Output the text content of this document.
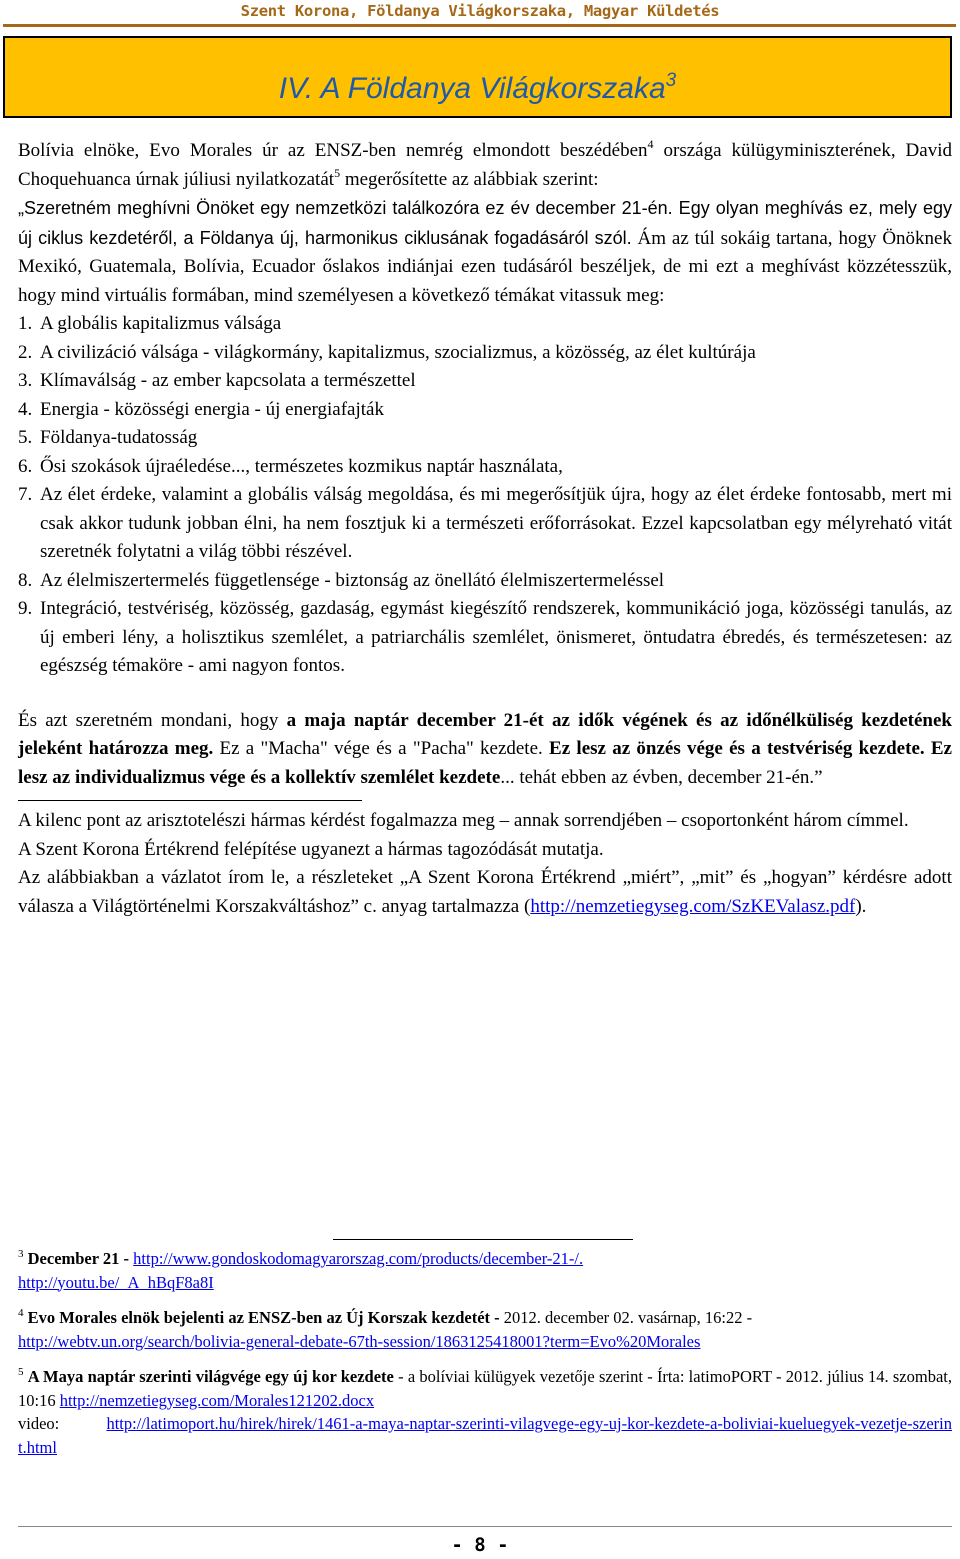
Szent Korona, Földanya Világkorszaka, Magyar Küldetés
IV. A Földanya Világkorszaka$^3$

Bolívia elnöke, Evo Morales úr az ENSZ-ben nemrég elmondott beszédében$^4$ országa külügyminiszterének, David Choquehuanca úrnak júliusi nyilatkozatát$^5$ megerősítette az alábbiak szerint:

„Szeretném meghívni Önöket egy nemzetközi találkozóra ez év december 21-én. Egy olyan meghívás ez, mely egy új ciklus kezdetéről, a Földanya új, harmonikus ciklusának fogadásáról szól. Ám az túl sokáig tartana, hogy Önöknek Mexikó, Guatemala, Bolívia, Ecuador őslakos indiánjai ezen tudásáról beszéljek, de mi ezt a meghívást közzétesszük, hogy mind virtuális formában, mind személyesen a következő témákat vitassuk meg:

1. A globális kapitalizmus válsága
2. A civilizáció válsága - világkormány, kapitalizmus, szocializmus, a közösség, az élet kultúrája
3. Klímaválság - az ember kapcsolata a természettel
4. Energia - közösségi energia - új energiafajták
5. Földanya-tudatosság
6. Ősi szokások újraéledése..., természetes kozmikus naptár használata,
7. Az élet érdeke, valamint a globális válság megoldása, és mi megerősítjük újra, hogy az élet érdeke fontosabb, mert mi csak akkor tudunk jobban élni, ha nem fosztjuk ki a természeti erőforrásokat. Ezzel kapcsolatban egy mélyreható vitát szeretnék folytatni a világ többi részével.
8. Az élelmiszertermelés függetlensége - biztonság az önellátó élelmiszertermeléssel
9. Integráció, testvériség, közösség, gazdaság, egymást kiegészítő rendszerek, kommunikáció joga, közösségi tanulás, az új emberi lény, a holisztikus szemlélet, a patriarchális szemlélet, önismeret, öntudatra ébredés, és természetesen: az egészség témaköre - ami nagyon fontos.

És azt szeretném mondani, hogy a maja naptár december 21-ét az idők végének és az időnélküliség kezdetének jeleként határozza meg. Ez a "Macha" vége és a "Pacha" kezdete. Ez lesz az önzés vége és a testvériség kezdete. Ez lesz az individualizmus vége és a kollektív szemlélet kezdete... tehát ebben az évben, december 21-én.”

A kilenc pont az arisztotelészi hármas kérdést fogalmazza meg – annak sorrendjében – csoportonként három címmel.

A Szent Korona Értékrend felépítése ugyanezt a hármas tagozódását mutatja.

Az alábbiakban a vázlatot írom le, a részleteket „A Szent Korona Értékrend „miért”, „mit” és „hogyan” kérdésre adott válasza a Világtörténelmi Korszakváltáshoz” c. anyag tartalmazza (http://nemzetiegyseg.com/SzKEValasz.pdf).

$^3$ December 21 - http://www.gondoskodomagyarorszag.com/products/december-21-/.
http://youtu.be/_A_hBqF8a8I

$^4$ Evo Morales elnök bejelenti az ENSZ-ben az Új Korszak kezdetét - 2012. december 02. vasárnap, 16:22 -
http://webtv.un.org/search/bolivia-general-debate-67th-session/1863125418001?term=Evo%20Morales

$^5$ A Maya naptár szerinti világvége egy új kor kezdete - a bolíviai külügyek vezetője szerint - Írta: latimoPORT - 2012. július 14. szombat, 10:16 http://nemzetiegyseg.com/Morales121202.docx
video:	http://latimoport.hu/hirek/hirek/1461-a-maya-naptar-szerinti-vilagvege-egy-uj-kor-kezdete-a-boliviai-kueluegyek-vezetje-szerint.html

- 8 -
